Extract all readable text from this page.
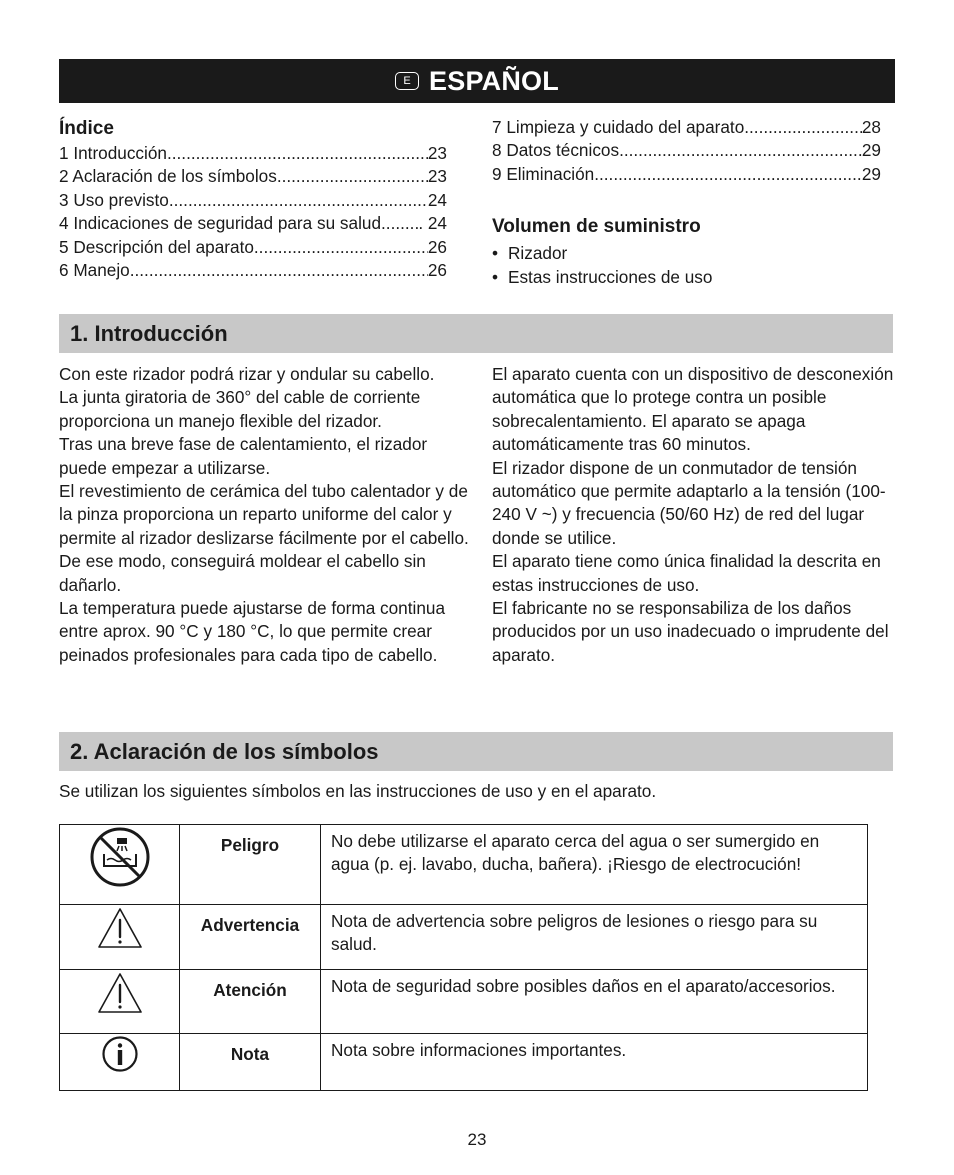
E ESPAÑOL
Índice
1 Introducción .....	23
2 Aclaración de los símbolos .....	23
3 Uso previsto .....	24
4 Indicaciones de seguridad para su salud ..... . 24
5 Descripción del aparato .....	26
6 Manejo .....	26
7 Limpieza y cuidado del aparato .....	28
8 Datos técnicos .....	29
9 Eliminación .....	29
Volumen de suministro
• Rizador
• Estas instrucciones de uso
1. Introducción

Con este rizador podrá rizar y ondular su cabello.

La junta giratoria de 360° del cable de corriente proporciona un manejo flexible del rizador.

Tras una breve fase de calentamiento, el rizador puede empezar a utilizarse.

El revestimiento de cerámica del tubo calentador y de la pinza proporciona un reparto uniforme del calor y permite al rizador deslizarse fácilmente por el cabello. De ese modo, conseguirá moldear el cabello sin dañarlo.

La temperatura puede ajustarse de forma continua entre aprox. 90 °C y 180 °C, lo que permite crear peinados profesionales para cada tipo de cabello.

El aparato cuenta con un dispositivo de desconexión automática que lo protege contra un posible sobrecalentamiento. El aparato se apaga automáticamente tras 60 minutos.

El rizador dispone de un conmutador de tensión automático que permite adaptarlo a la tensión (100-240 V ~) y frecuencia (50/60 Hz) de red del lugar donde se utilice.

El aparato tiene como única finalidad la descrita en estas instrucciones de uso.

El fabricante no se responsabiliza de los daños producidos por un uso inadecuado o imprudente del aparato.

2. Aclaración de los símbolos
Se utilizan los siguientes símbolos en las instrucciones de uso y en el aparato.
	Peligro	No debe utilizarse el aparato cerca del agua o ser sumergido en agua (p. ej. lavabo, ducha, bañera). ¡Riesgo de electrocución!

	Advertencia	Nota de advertencia sobre peligros de lesiones o riesgo para su salud.

	Atención	Nota de seguridad sobre posibles daños en el aparato/accesorios.

	Nota	Nota sobre informaciones importantes.
23
